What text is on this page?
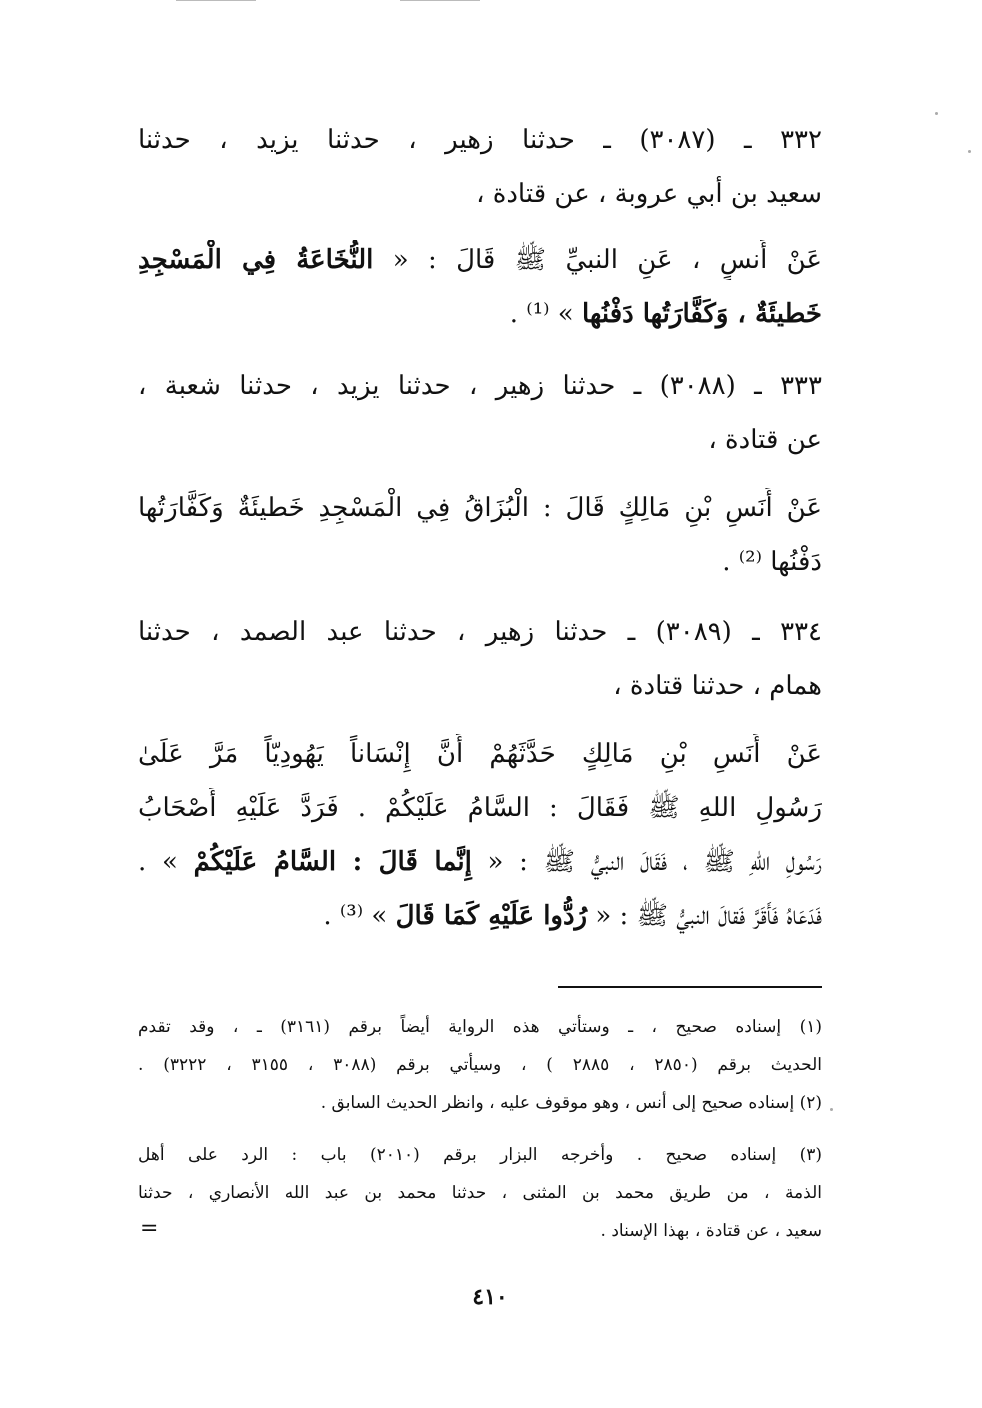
٣٣٢ ـ (٣٠٨٧) ـ حدثنا زهير ، حدثنا يزيد ، حدثنا
سعيد بن أبي عروبة ، عن قتادة ،
عَنْ أَنسٍ ، عَنِ النبيِّ ﷺ قَالَ : « النُّخَاعَةُ فِي الْمَسْجِدِ
خَطيئَةٌ ، وَكَفَّارَتُها دَفْنُها » ⁽¹⁾ .
٣٣٣ ـ (٣٠٨٨) ـ حدثنا زهير ، حدثنا يزيد ، حدثنا شعبة ،
عن قتادة ،
عَنْ أَنَسِ بْنِ مَالِكٍ قَالَ : الْبُزَاقُ فِي الْمَسْجِدِ خَطيئَةٌ وَكَفَّارَتُها
دَفْنُها ⁽²⁾ .
٣٣٤ ـ (٣٠٨٩) ـ حدثنا زهير ، حدثنا عبد الصمد ، حدثنا
همام ، حدثنا قتادة ،
عَنْ أَنَسِ بْنِ مَالِكٍ حَدَّثَهُمْ أَنَّ إِنْسَاناً يَهُودِيّاً مَرَّ عَلَىٰ
رَسُولِ اللهِ ﷺ فَقَالَ : السَّامُ عَلَيْكُمْ . فَرَدَّ عَلَيْهِ أَصْحَابُ
رَسُولِ اللهِ ﷺ ، فَقَالَ النبيُّ ﷺ : « إِنَّما قَالَ : السَّامُ عَلَيْكُمْ » .
فَدَعَاهُ فَأَقَرَّ فَقالَ النبيُّ ﷺ : « رُدُّوا عَلَيْهِ كَمَا قَالَ » ⁽³⁾ .
(١) إسناده صحيح ، ـ وستأتي هذه الرواية أيضاً برقم (٣١٦١) ـ ، وقد تقدم
الحديث برقم (٢٨٥٠ ، ٢٨٨٥ ) ، وسيأتي برقم (٣٠٨٨ ، ٣١٥٥ ، ٣٢٢٢) .
(٢) إسناده صحيح إلى أنس ، وهو موقوف عليه ، وانظر الحديث السابق .
(٣) إسناده صحيح . وأخرجه البزار برقم (٢٠١٠) باب : الرد على أهل
الذمة ، من طريق محمد بن المثنى ، حدثنا محمد بن عبد الله الأنصاري ، حدثنا
سعيد ، عن قتادة ، بهذا الإسناد .
=
٤١٠
